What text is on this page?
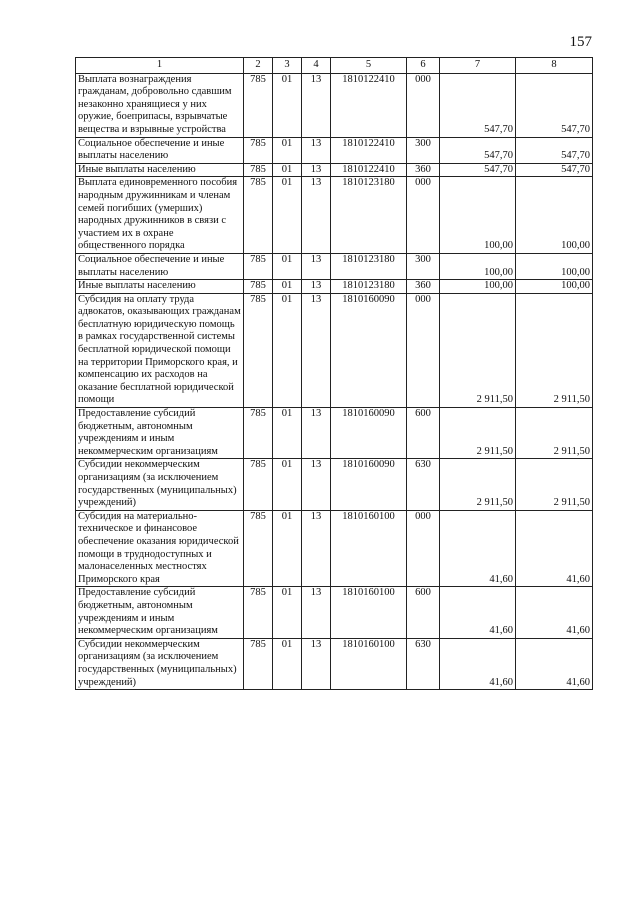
157
1	2	3	4	5	6	7	8
Выплата вознаграждения гражданам, добровольно сдавшим незаконно хранящиеся у них оружие, боеприпасы, взрывчатые вещества и взрывные устройства	785	01	13	1810122410	000	547,70	547,70
Социальное обеспечение и иные выплаты населению	785	01	13	1810122410	300	547,70	547,70
Иные выплаты населению	785	01	13	1810122410	360	547,70	547,70
Выплата единовременного пособия народным дружинникам и членам семей погибших (умерших) народных дружинников в связи с участием их в охране общественного порядка	785	01	13	1810123180	000	100,00	100,00
Социальное обеспечение и иные выплаты населению	785	01	13	1810123180	300	100,00	100,00
Иные выплаты населению	785	01	13	1810123180	360	100,00	100,00
Субсидия на оплату труда адвокатов, оказывающих гражданам бесплатную юридическую помощь в рамках государственной системы бесплатной юридической помощи на территории Приморского края, и компенсацию их расходов на оказание бесплатной юридической помощи	785	01	13	1810160090	000	2 911,50	2 911,50
Предоставление субсидий бюджетным, автономным учреждениям и иным некоммерческим организациям	785	01	13	1810160090	600	2 911,50	2 911,50
Субсидии некоммерческим организациям (за исключением государственных (муниципальных) учреждений)	785	01	13	1810160090	630	2 911,50	2 911,50
Субсидия на материально-техническое и финансовое обеспечение оказания юридической помощи в труднодоступных и малонаселенных местностях Приморского края	785	01	13	1810160100	000	41,60	41,60
Предоставление субсидий бюджетным, автономным учреждениям и иным некоммерческим организациям	785	01	13	1810160100	600	41,60	41,60
Субсидии некоммерческим организациям (за исключением государственных (муниципальных) учреждений)	785	01	13	1810160100	630	41,60	41,60
